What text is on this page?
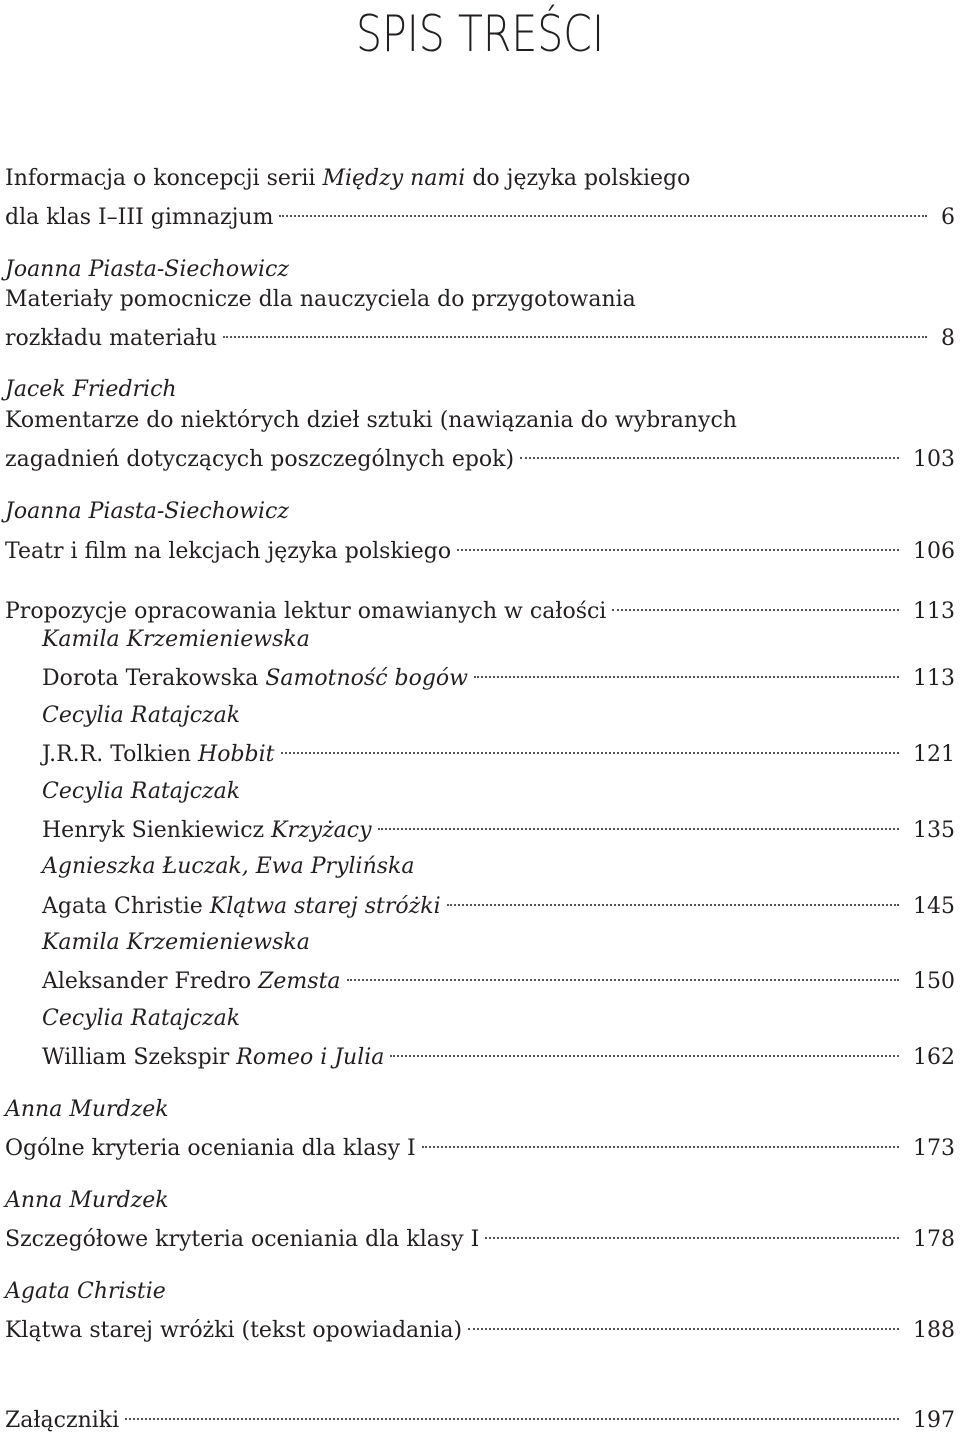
SPIS TREŚCI
Informacja o koncepcji serii Między nami do języka polskiego
dla klas I–III gimnazjum	6
Joanna Piasta-Siechowicz
Materiały pomocnicze dla nauczyciela do przygotowania
rozkładu materiału	8
Jacek Friedrich
Komentarze do niektórych dzieł sztuki (nawiązania do wybranych
zagadnień dotyczących poszczególnych epok)	103
Joanna Piasta-Siechowicz
Teatr i film na lekcjach języka polskiego	106
Propozycje opracowania lektur omawianych w całości	113
Kamila Krzemieniewska
Dorota Terakowska Samotność bogów	113
Cecylia Ratajczak
J.R.R. Tolkien Hobbit	121
Cecylia Ratajczak
Henryk Sienkiewicz Krzyżacy	135
Agnieszka Łuczak, Ewa Prylińska
Agata Christie Klątwa starej stróżki	145
Kamila Krzemieniewska
Aleksander Fredro Zemsta	150
Cecylia Ratajczak
William Szekspir Romeo i Julia	162
Anna Murdzek
Ogólne kryteria oceniania dla klasy I	173
Anna Murdzek
Szczegółowe kryteria oceniania dla klasy I	178
Agata Christie
Klątwa starej wróżki (tekst opowiadania)	188
Załączniki	197
